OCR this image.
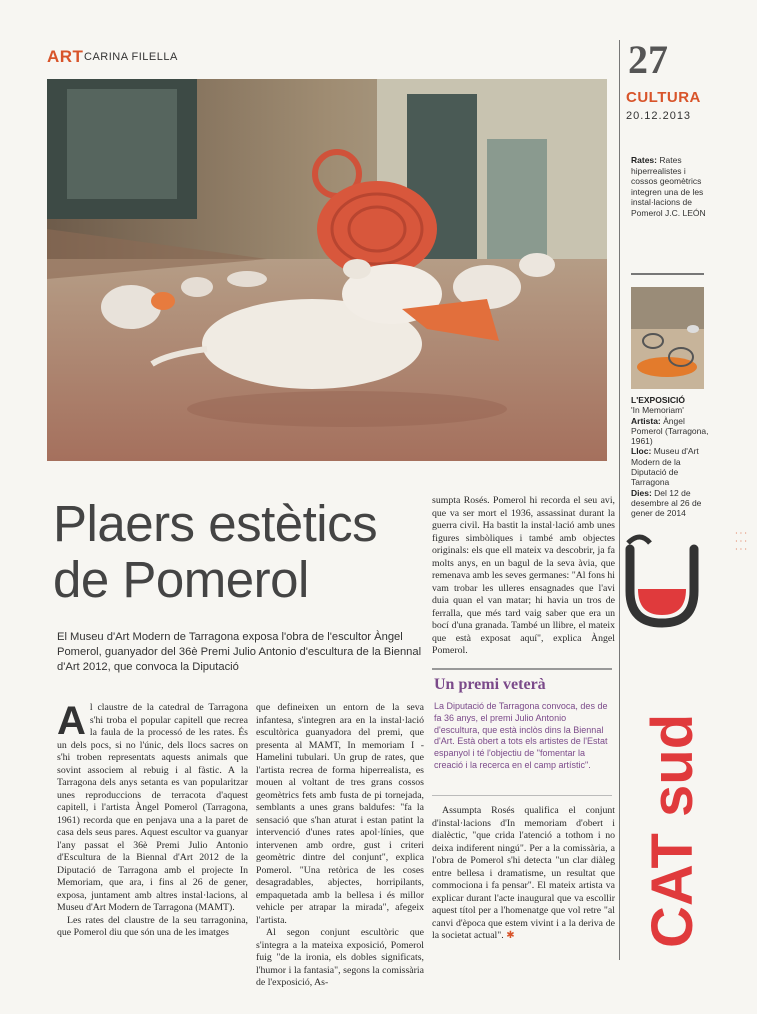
ART CARINA FILELLA	27
CULTURA
20.12.2013
Rates: Rates hiperrealistes i cossos geomètrics integren una de les instal·lacions de Pomerol J.C. LEÓN
L'EXPOSICIÓ
'In Memoriam'
Artista: Àngel Pomerol (Tarragona, 1961)
Lloc: Museu d'Art Modern de la Diputació de Tarragona
Dies: Del 12 de desembre al 26 de gener de 2014
Plaers estètics
de Pomerol
El Museu d'Art Modern de Tarragona exposa l'obra de l'escultor Àngel Pomerol, guanyador del 36è Premi Julio Antonio d'escultura de la Biennal d'Art 2012, que convoca la Diputació
A l claustre de la catedral de Tarragona s'hi troba el popular capitell que recrea la faula de la processó de les rates. És un dels pocs, si no l'únic, dels llocs sacres on s'hi troben representats aquests animals que sovint associem al rebuig i al fàstic. A la Tarragona dels anys setanta es van popularitzar unes reproduccions de terracota d'aquest capitell, i l'artista Àngel Pomerol (Tarragona, 1961) recorda que en penjava una a la paret de casa dels seus pares. Aquest escultor va guanyar l'any passat el 36è Premi Julio Antonio d'Escultura de la Biennal d'Art 2012 de la Diputació de Tarragona amb el projecte In Memoriam, que ara, i fins al 26 de gener, exposa, juntament amb altres instal·lacions, al Museu d'Art Modern de Tarragona (MAMT).
Les rates del claustre de la seu tarragonina, que Pomerol diu que són una de les imatges
que defineixen un entorn de la seva infantesa, s'integren ara en la instal·lació escultòrica guanyadora del premi, que presenta al MAMT, In memoriam I -Hamelini tubulari. Un grup de rates, que l'artista recrea de forma hiperrealista, es mouen al voltant de tres grans cossos geomètrics fets amb fusta de pi tornejada, semblants a unes grans baldufes: "fa la sensació que s'han aturat i estan patint la intervenció d'unes rates apol·línies, que intervenen amb ordre, gust i criteri geomètric dintre del conjunt", explica Pomerol. "Una retòrica de les coses desagradables, abjectes, horripilants, empaquetada amb la bellesa i és millor vehicle per atrapar la mirada", afegeix l'artista.
Al segon conjunt escultòric que s'integra a la mateixa exposició, Pomerol fuig "de la ironia, els dobles significats, l'humor i la fantasia", segons la comissària de l'exposició, As-
sumpta Rosés. Pomerol hi recorda el seu avi, que va ser mort el 1936, assassinat durant la guerra civil. Ha bastit la instal·lació amb unes figures simbòliques i també amb objectes originals: els que ell mateix va descobrir, ja fa molts anys, en un bagul de la seva àvia, que remenava amb les seves germanes: "Al fons hi vam trobar les ulleres ensagnades que l'avi duia quan el van matar; hi havia un tros de ferralla, que més tard vaig saber que era un bocí d'una granada. També un llibre, el mateix que està exposat aquí", explica Àngel Pomerol.
Un premi veterà
La Diputació de Tarragona convoca, des de fa 36 anys, el premi Julio Antonio d'escultura, que està inclòs dins la Biennal d'Art. Està obert a tots els artistes de l'Estat espanyol i té l'objectiu de "fomentar la creació i la recerca en el camp artístic".
Assumpta Rosés qualifica el conjunt d'instal·lacions d'In memoriam d'obert i dialèctic, "que crida l'atenció a tothom i no deixa indiferent ningú". Per a la comissària, a l'obra de Pomerol s'hi detecta "un clar diàleg entre bellesa i dramatisme, un resultat que commociona i fa pensar". El mateix artista va explicar durant l'acte inaugural que va escollir aquest títol per a l'homenatge que vol retre "al canvi d'època que estem vivint i a la deriva de la societat actual". ✱
· · ·
· · ·
· · ·
CAT sud
